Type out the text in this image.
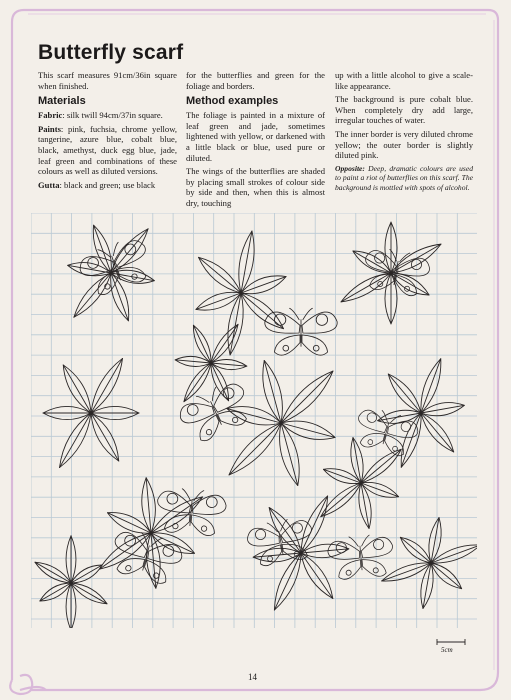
Butterfly scarf

This scarf measures 91cm/36in square when finished.

Materials

Fabric: silk twill 94cm/37in square.

Paints: pink, fuchsia, chrome yellow, tangerine, azure blue, cobalt blue, black, amethyst, duck egg blue, jade, leaf green and combinations of these colours as well as diluted versions.

Gutta: black and green; use black

for the butterflies and green for the foliage and borders.

Method examples

The foliage is painted in a mixture of leaf green and jade, sometimes lightened with yellow, or darkened with a little black or blue, used pure or diluted.

The wings of the butterflies are shaded by placing small strokes of colour side by side and then, when this is almost dry, touching

up with a little alcohol to give a scale-like appearance.

The background is pure cobalt blue. When completely dry add large, irregular touches of water.

The inner border is very diluted chrome yellow; the outer border is slightly diluted pink.

Opposite: Deep, dramatic colours are used to paint a riot of butterflies on this scarf. The background is mottled with spots of alcohol.

5cm
14
